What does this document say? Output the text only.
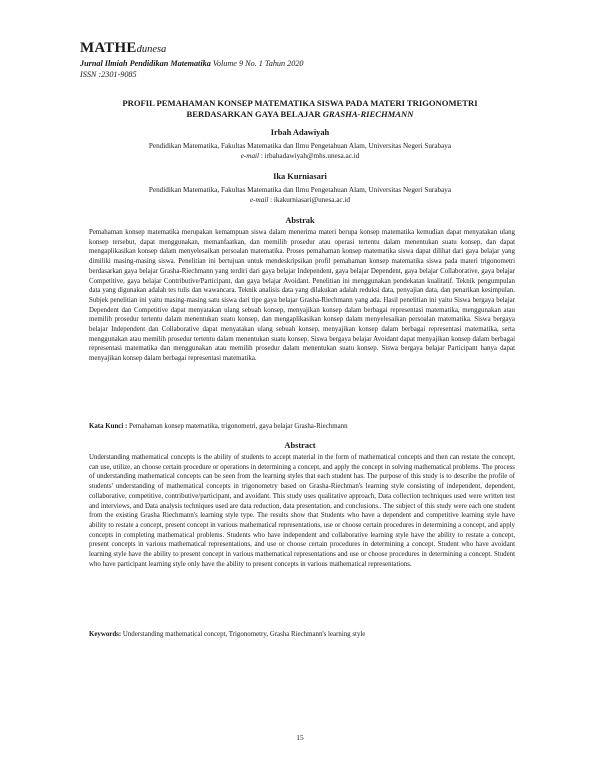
MATHEdunesa
Jurnal Ilmiah Pendidikan Matematika Volume 9 No. 1 Tahun 2020
ISSN :2301-9085
PROFIL PEMAHAMAN KONSEP MATEMATIKA SISWA PADA MATERI TRIGONOMETRI
BERDASARKAN GAYA BELAJAR GRASHA-RIECHMANN
Irbah Adawiyah
Pendidikan Matematika, Fakultas Matematika dan Ilmu Pengetahuan Alam, Universitas Negeri Surabaya
e-mail : irbahadawiyah@mhs.unesa.ac.id
Ika Kurniasari
Pendidikan Matematika, Fakultas Matematika dan Ilmu Pengetahuan Alam, Universitas Negeri Surabaya
e-mail : ikakurniasari@unesa.ac.id
Abstrak

Pemahaman konsep matematika merupakan kemampuan siswa dalam menerima materi berupa konsep matematika kemudian dapat menyatakan ulang konsep tersebut, dapat menggunakan, memanfaatkan, dan memilih prosedur atau operasi tertentu dalam menentukan suatu konsep, dan dapat mengaplikasikan konsep dalam menyelesaikan persoalan matematika. Proses pemahaman konsep matematika siswa dapat dilihat dari gaya belajar yang dimiliki masing-masing siswa. Penelitian ini bertujuan untuk mendeskripsikan profil pemahaman konsep matematika siswa pada materi trigonometri berdasarkan gaya belajar Grasha-Riechmann yang terdiri dari gaya belajar Independent, gaya belajar Dependent, gaya belajar Collaborative, gaya belajar Competitive, gaya belajar Contributive/Participant, dan gaya belajar Avoidant. Penelitian ini menggunakan pendekatan kualitatif. Teknik pengumpulan data yang digunakan adalah tes tulis dan wawancara. Teknik analisis data yang dilakukan adalah reduksi data, penyajian data, dan penarikan kesimpulan. Subjek penelitian ini yaitu masing-masing satu siswa dari tipe gaya belajar Grasha-Riechmann yang ada. Hasil penelitian ini yaitu Siswa bergaya belajar Dependent dan Competitive dapat menyatakan ulang sebuah konsep, menyajikan konsep dalam berbagai representasi matematika, menggunakan atau memilih prosedur tertentu dalam menentukan suatu konsep, dan mengaplikasikan konsep dalam menyelesaikan persoalan matematika. Siswa bergaya belajar Independent dan Collaborative dapat menyatakan ulang sebuah konsep, menyajikan konsep dalam berbagai representasi matematika, serta menggunakan atau memilih prosedur tertentu dalam menentukan suatu konsep. Siswa bergaya belajar Avoidant dapat menyajikan konsep dalam berbagai representasi matematika dan menggunakan atau memilih prosedur dalam menentukan suatu konsep. Siswa bergaya belajar Participant hanya dapat menyajikan konsep dalam berbagai representasi matematika.

Kata Kunci : Pemahaman konsep matematika, trigonometri, gaya belajar Grasha-Riechmann
Abstract

Understanding mathematical concepts is the ability of students to accept material in the form of mathematical concepts and then can restate the concept, can use, utilize, an choose certain procedure or operations in determining a concept, and apply the concept in solving mathematical problems. The process of understanding mathematical concepts can be seen from the learning styles that each student has. The purpose of this study is to describe the profile of students' understanding of mathematical concepts in trigonometry based on Grasha-Riechman's learning style consisting of independent, dependent, collaborative, competitive, contributive/participant, and avoidant. This study uses qualitative approach, Data collection techniques used were written test and interviews, and Data analysis techniques used are data reduction, data presentation, and conclusions.. The subject of this study were each one student from the existing Grasha Riechmann's learning style type. The results show that Students who have a dependent and competitive learning style have ability to restate a concept, present concept in various mathematical representations, use or choose certain procedures in determining a concept, and apply concepts in completing mathematical problems. Students who have independent and collaborative learning style have the ability to restate a concept, present concepts in various mathematical representations, and use or choose certain procedures in determining a concept. Student who have avoidant learning style have the ability to present concept in various mathematical representations and use or choose procedures in determining a concept. Student who have participant learning style only have the ability to present concepts in various mathematical representations.

Keywords: Understanding mathematical concept, Trigonometry, Grasha Riechmann's learning style
15
